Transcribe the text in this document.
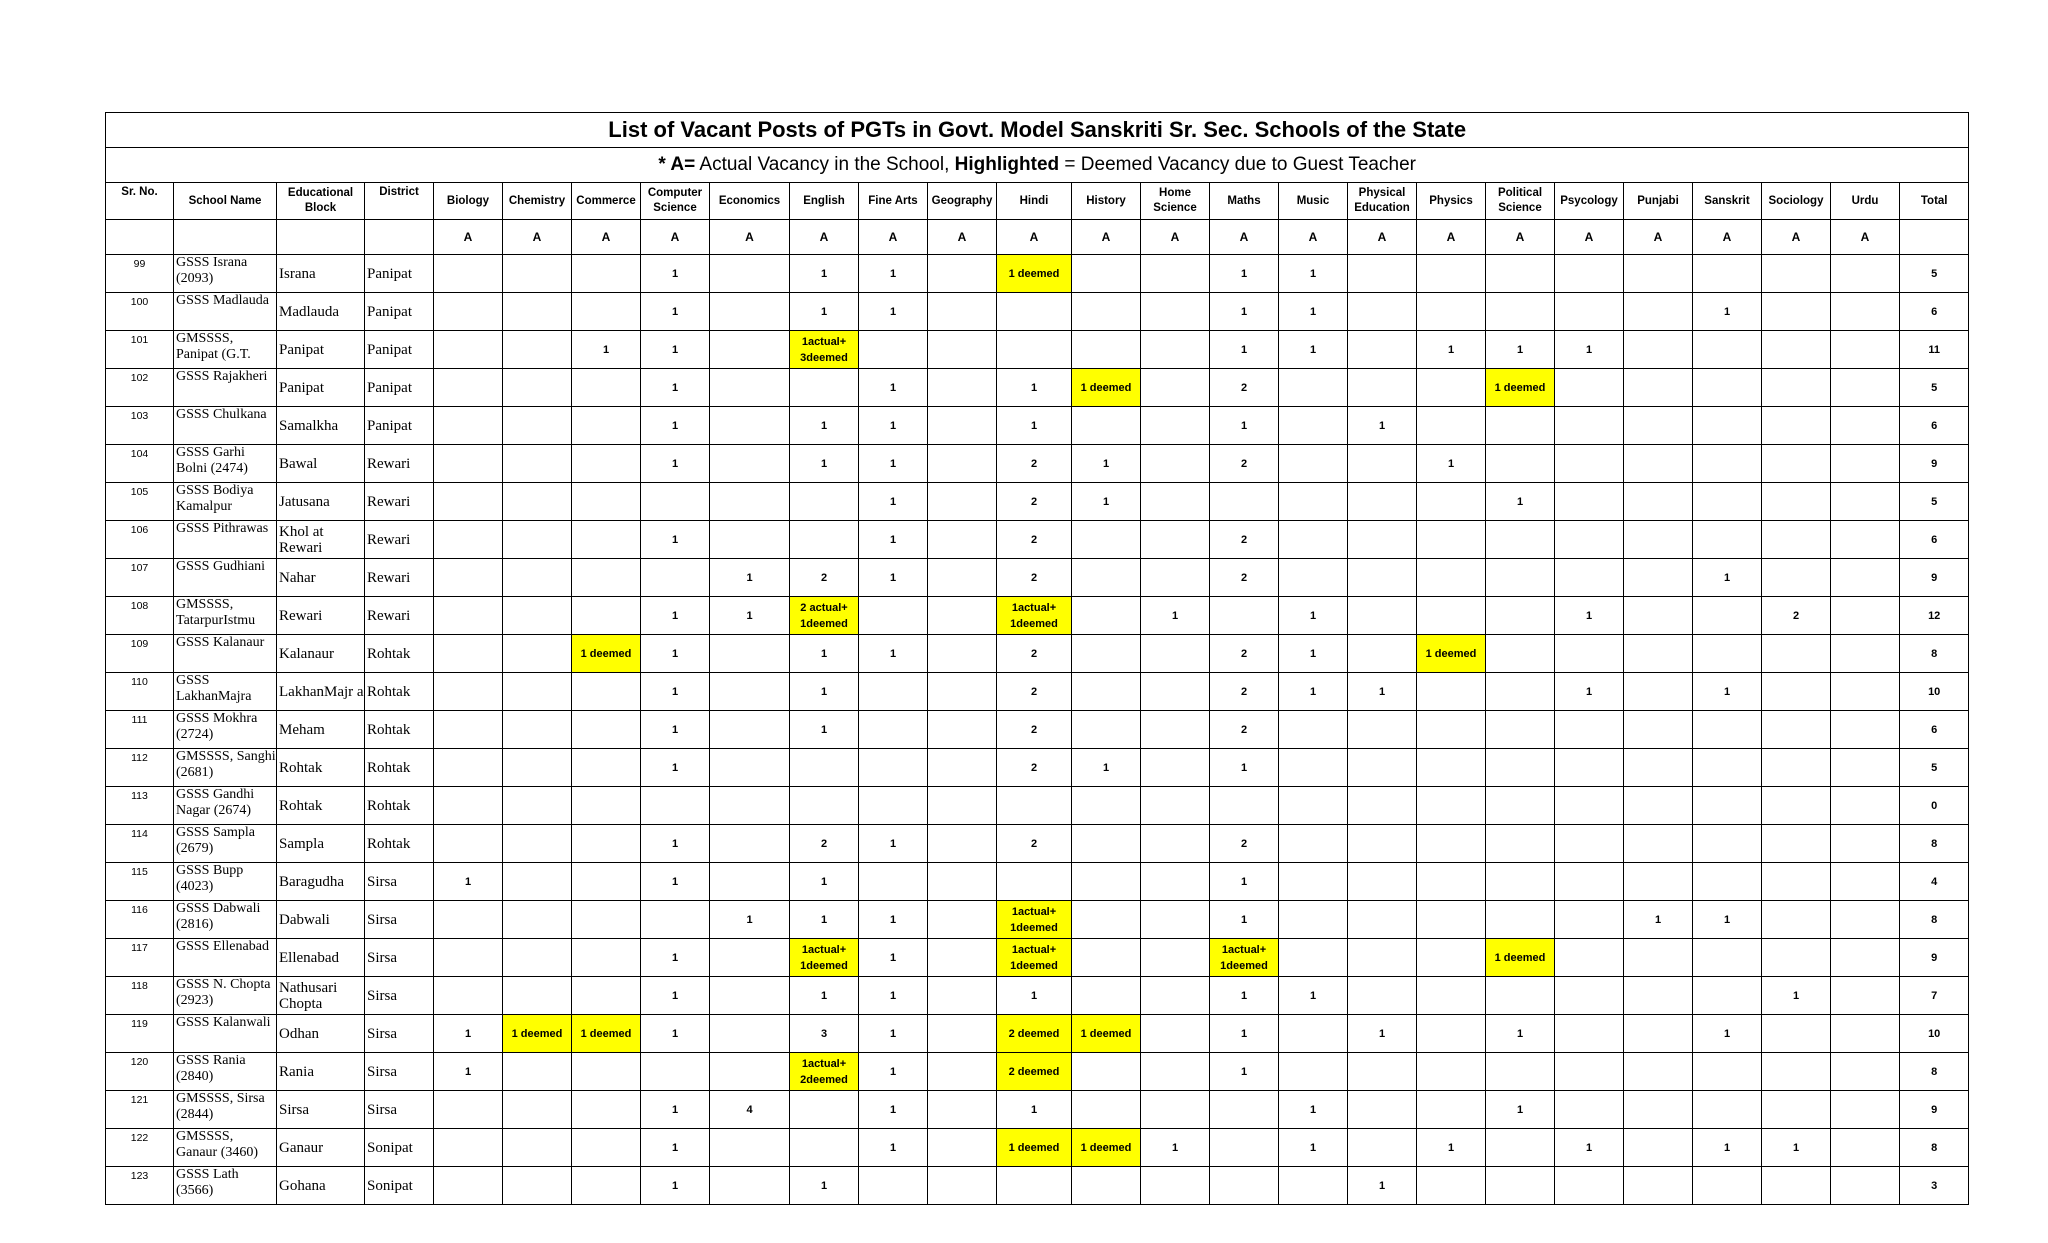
List of Vacant Posts of PGTs in Govt. Model Sanskriti Sr. Sec. Schools of the State																									
* A= Actual Vacancy in the School, Highlighted = Deemed Vacancy due to Guest Teacher																									
Sr. No.	School Name	Educational Block	District	Biology	Chemistry	Commerce	Computer Science	Economics	English	Fine Arts	Geography	Hindi	History	Home Science	Maths	Music	Physical Education	Physics	Political Science	Psycology	Punjabi	Sanskrit	Sociology	Urdu	Total
				A	A	A	A	A	A	A	A	A	A	A	A	A	A	A	A	A	A	A	A	A	
99	GSSS Israna (2093)	Israna	Panipat				1		1	1		1 deemed			1	1									5
100	GSSS Madlauda	Madlauda	Panipat				1		1	1					1	1						1			6
101	GMSSSS, Panipat (G.T.	Panipat	Panipat			1	1		1actual+ 3deemed						1	1		1	1	1					11
102	GSSS Rajakheri	Panipat	Panipat				1			1		1	1 deemed		2				1 deemed						5
103	GSSS Chulkana	Samalkha	Panipat				1		1	1		1			1		1								6
104	GSSS Garhi Bolni (2474)	Bawal	Rewari				1		1	1		2	1		2			1							9
105	GSSS Bodiya Kamalpur	Jatusana	Rewari							1		2	1						1						5
106	GSSS Pithrawas	Khol at Rewari	Rewari				1			1		2			2										6
107	GSSS Gudhiani	Nahar	Rewari					1	2	1		2			2							1			9
108	GMSSSS, TatarpurIstmu	Rewari	Rewari				1	1	2 actual+ 1deemed			1actual+ 1deemed		1		1				1			2		12
109	GSSS Kalanaur	Kalanaur	Rohtak			1 deemed	1		1	1		2			2	1		1 deemed							8
110	GSSS LakhanMajra	LakhanMajr a	Rohtak				1		1			2			2	1	1			1		1			10
111	GSSS Mokhra (2724)	Meham	Rohtak				1		1			2			2										6
112	GMSSSS, Sanghi (2681)	Rohtak	Rohtak				1					2	1		1										5
113	GSSS Gandhi Nagar (2674)	Rohtak	Rohtak																						0
114	GSSS Sampla (2679)	Sampla	Rohtak				1		2	1		2			2										8
115	GSSS Bupp (4023)	Baragudha	Sirsa	1			1		1						1										4
116	GSSS Dabwali (2816)	Dabwali	Sirsa					1	1	1		1actual+ 1deemed			1						1	1			8
117	GSSS Ellenabad	Ellenabad	Sirsa				1		1actual+ 1deemed	1		1actual+ 1deemed			1actual+ 1deemed				1 deemed						9
118	GSSS N. Chopta (2923)	Nathusari Chopta	Sirsa				1		1	1		1			1	1							1		7
119	GSSS Kalanwali	Odhan	Sirsa	1	1 deemed	1 deemed	1		3	1		2 deemed	1 deemed		1		1		1			1			10
120	GSSS Rania (2840)	Rania	Sirsa	1					1actual+ 2deemed	1		2 deemed			1										8
121	GMSSSS, Sirsa (2844)	Sirsa	Sirsa				1	4		1		1				1			1						9
122	GMSSSS, Ganaur (3460)	Ganaur	Sonipat				1			1		1 deemed	1 deemed	1		1		1		1		1	1		8
123	GSSS Lath (3566)	Gohana	Sonipat				1		1								1								3
